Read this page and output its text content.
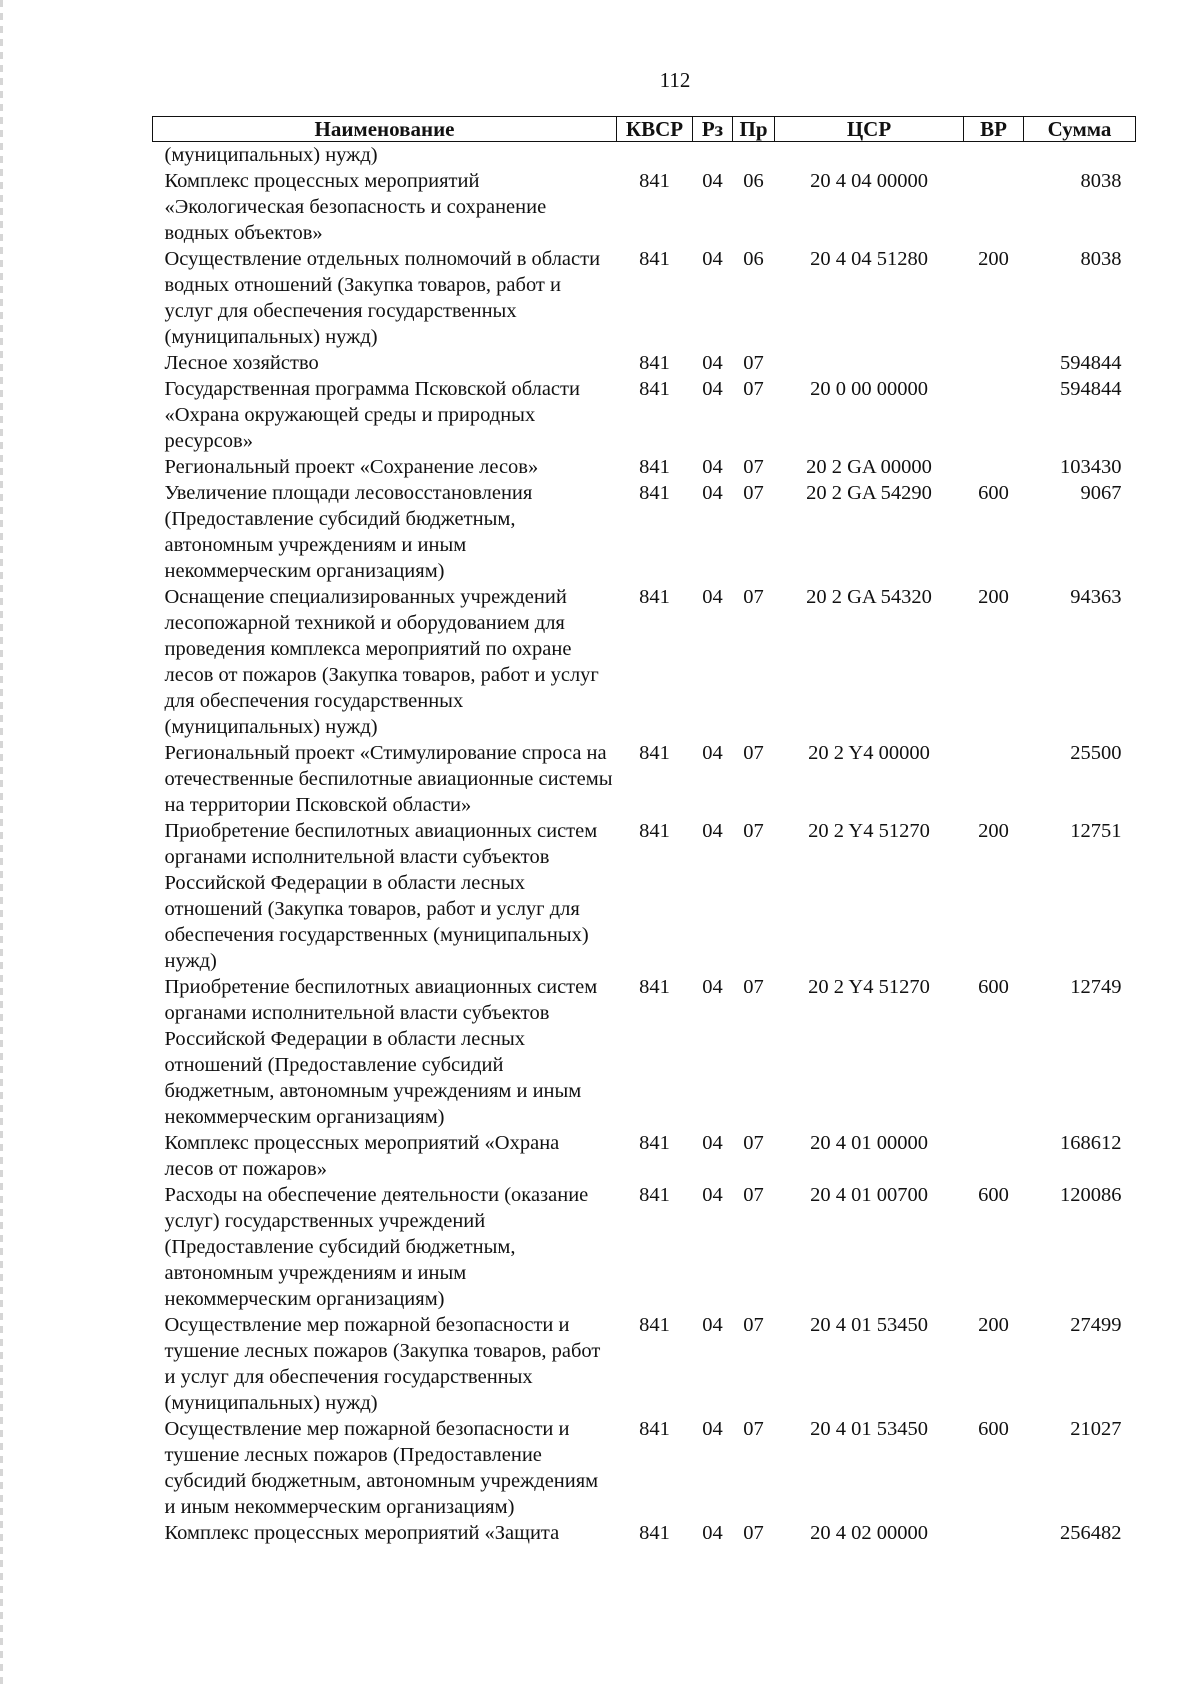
112
Наименование	КВСР	Рз	Пр	ЦСР	ВР	Сумма
(муниципальных) нужд)						
Комплекс процессных мероприятий «Экологическая безопасность и сохранение водных объектов»	841	04	06	20 4 04 00000		8038
Осуществление отдельных полномочий в области водных отношений (Закупка товаров, работ и услуг для обеспечения государственных (муниципальных) нужд)	841	04	06	20 4 04 51280	200	8038
Лесное хозяйство	841	04	07			594844
Государственная программа Псковской области «Охрана окружающей среды и природных ресурсов»	841	04	07	20 0 00 00000		594844
Региональный проект «Сохранение лесов»	841	04	07	20 2 GA 00000		103430
Увеличение площади лесовосстановления (Предоставление субсидий бюджетным, автономным учреждениям и иным некоммерческим организациям)	841	04	07	20 2 GA 54290	600	9067
Оснащение специализированных учреждений лесопожарной техникой и оборудованием для проведения комплекса мероприятий по охране лесов от пожаров (Закупка товаров, работ и услуг для обеспечения государственных (муниципальных) нужд)	841	04	07	20 2 GA 54320	200	94363
Региональный проект «Стимулирование спроса на отечественные беспилотные авиационные системы на территории Псковской области»	841	04	07	20 2 Y4 00000		25500
Приобретение беспилотных авиационных систем органами исполнительной власти субъектов Российской Федерации в области лесных отношений (Закупка товаров, работ и услуг для обеспечения государственных (муниципальных) нужд)	841	04	07	20 2 Y4 51270	200	12751
Приобретение беспилотных авиационных систем органами исполнительной власти субъектов Российской Федерации в области лесных отношений (Предоставление субсидий бюджетным, автономным учреждениям и иным некоммерческим организациям)	841	04	07	20 2 Y4 51270	600	12749
Комплекс процессных мероприятий «Охрана лесов от пожаров»	841	04	07	20 4 01 00000		168612
Расходы на обеспечение деятельности (оказание услуг) государственных учреждений (Предоставление субсидий бюджетным, автономным учреждениям и иным некоммерческим организациям)	841	04	07	20 4 01 00700	600	120086
Осуществление мер пожарной безопасности и тушение лесных пожаров (Закупка товаров, работ и услуг для обеспечения государственных (муниципальных) нужд)	841	04	07	20 4 01 53450	200	27499
Осуществление мер пожарной безопасности и тушение лесных пожаров (Предоставление субсидий бюджетным, автономным учреждениям и иным некоммерческим организациям)	841	04	07	20 4 01 53450	600	21027
Комплекс процессных мероприятий «Защита	841	04	07	20 4 02 00000		256482
